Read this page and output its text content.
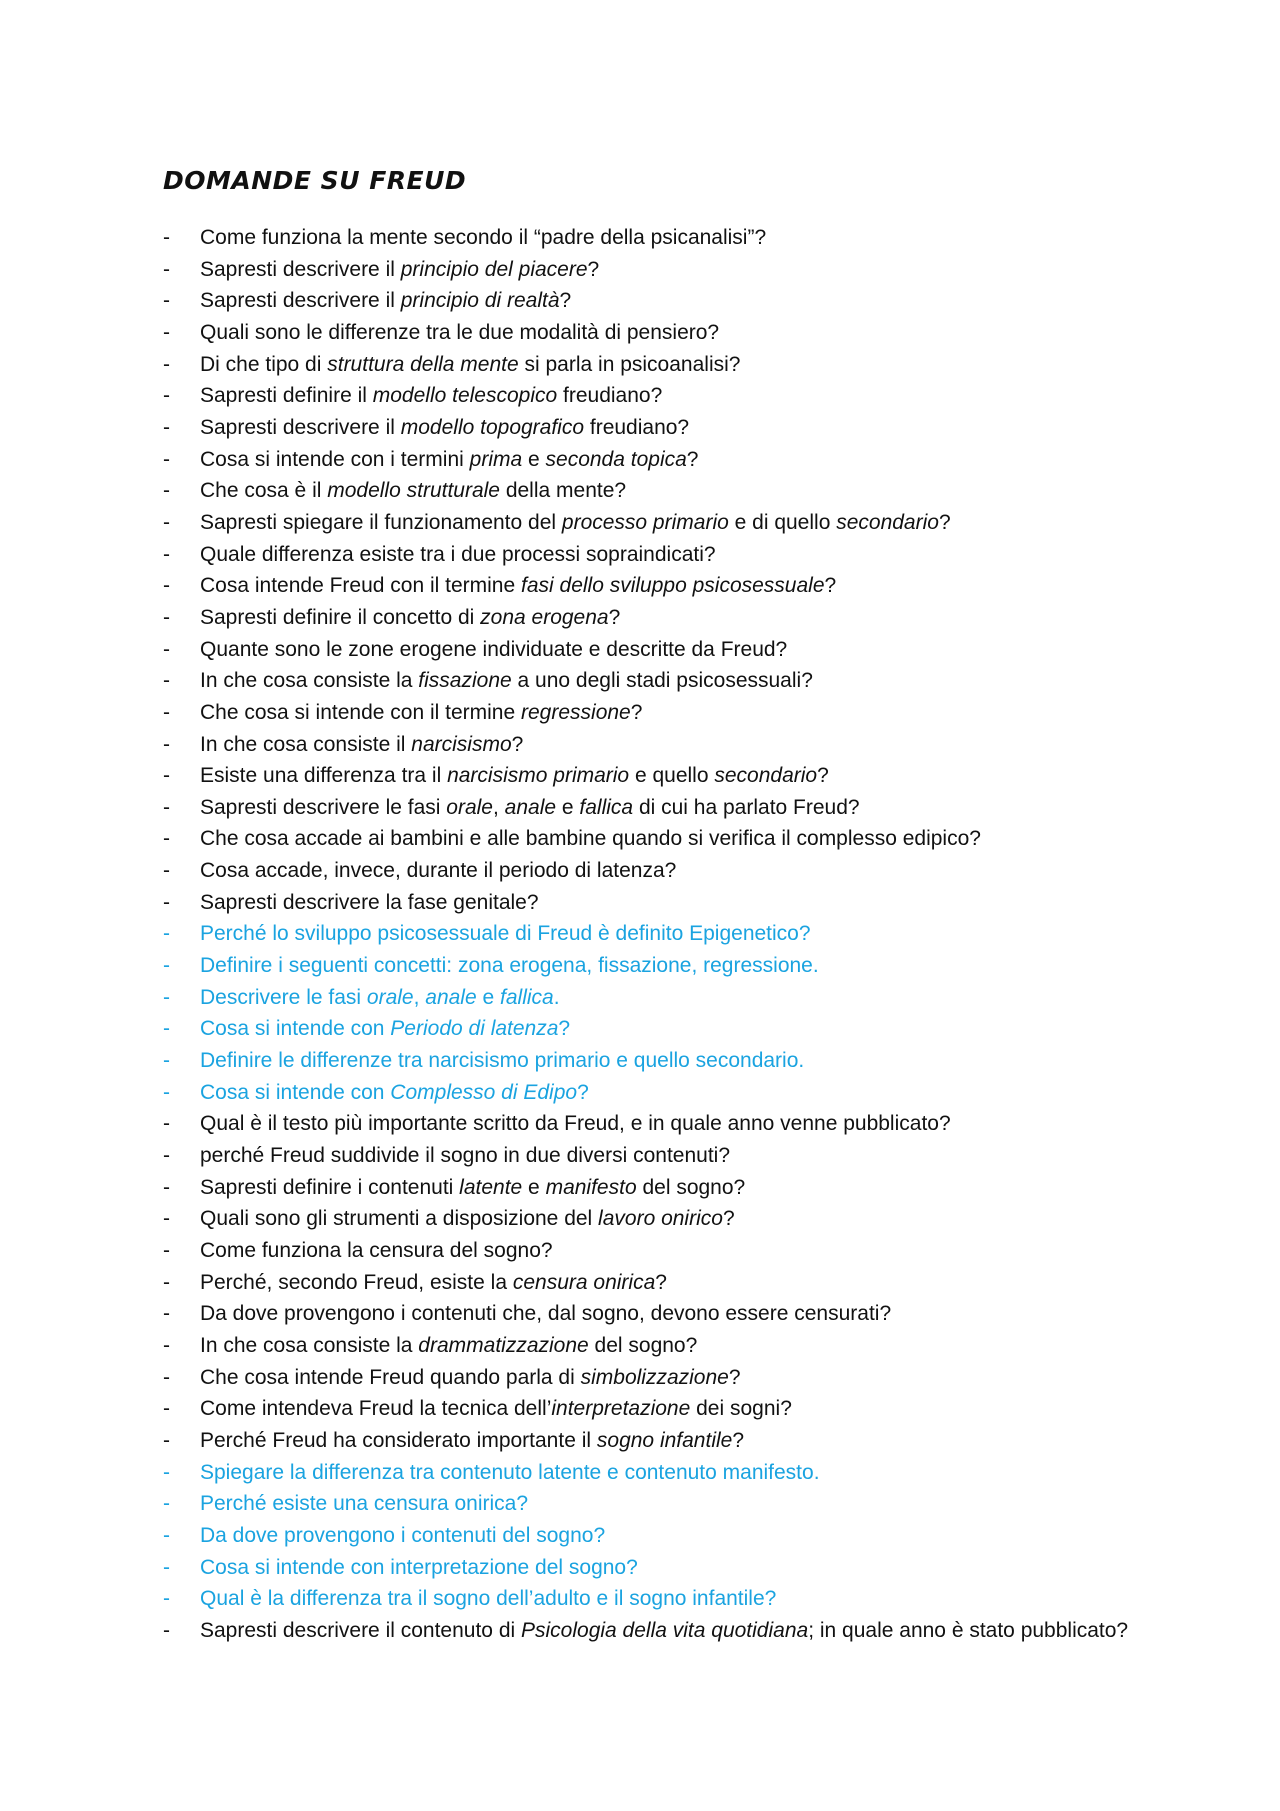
DOMANDE SU FREUD
-	Come funziona la mente secondo il “padre della psicanalisi”?
-	Sapresti descrivere il principio del piacere?
-	Sapresti descrivere il principio di realtà?
-	Quali sono le differenze tra le due modalità di pensiero?
-	Di che tipo di struttura della mente si parla in psicoanalisi?
-	Sapresti definire il modello telescopico freudiano?
-	Sapresti descrivere il modello topografico freudiano?
-	Cosa si intende con i termini prima e seconda topica?
-	Che cosa è il modello strutturale della mente?
-	Sapresti spiegare il funzionamento del processo primario e di quello secondario?
-	Quale differenza esiste tra i due processi sopraindicati?
-	Cosa intende Freud con il termine fasi dello sviluppo psicosessuale?
-	Sapresti definire il concetto di zona erogena?
-	Quante sono le zone erogene individuate e descritte da Freud?
-	In che cosa consiste la fissazione a uno degli stadi psicosessuali?
-	Che cosa si intende con il termine regressione?
-	In che cosa consiste il narcisismo?
-	Esiste una differenza tra il narcisismo primario e quello secondario?
-	Sapresti descrivere le fasi orale, anale e fallica di cui ha parlato Freud?
-	Che cosa accade ai bambini e alle bambine quando si verifica il complesso edipico?
-	Cosa accade, invece, durante il periodo di latenza?
-	Sapresti descrivere la fase genitale?
-	Perché lo sviluppo psicosessuale di Freud è definito Epigenetico?
-	Definire i seguenti concetti: zona erogena, fissazione, regressione.
-	Descrivere le fasi orale, anale e fallica.
-	Cosa si intende con Periodo di latenza?
-	Definire le differenze tra narcisismo primario e quello secondario.
-	Cosa si intende con Complesso di Edipo?
-	Qual è il testo più importante scritto da Freud, e in quale anno venne pubblicato?
-	perché Freud suddivide il sogno in due diversi contenuti?
-	Sapresti definire i contenuti latente e manifesto del sogno?
-	Quali sono gli strumenti a disposizione del lavoro onirico?
-	Come funziona la censura del sogno?
-	Perché, secondo Freud, esiste la censura onirica?
-	Da dove provengono i contenuti che, dal sogno, devono essere censurati?
-	In che cosa consiste la drammatizzazione del sogno?
-	Che cosa intende Freud quando parla di simbolizzazione?
-	Come intendeva Freud la tecnica dell’interpretazione dei sogni?
-	Perché Freud ha considerato importante il sogno infantile?
-	Spiegare la differenza tra contenuto latente e contenuto manifesto.
-	Perché esiste una censura onirica?
-	Da dove provengono i contenuti del sogno?
-	Cosa si intende con interpretazione del sogno?
-	Qual è la differenza tra il sogno dell’adulto e il sogno infantile?
-	Sapresti descrivere il contenuto di Psicologia della vita quotidiana; in quale anno è stato pubblicato?
